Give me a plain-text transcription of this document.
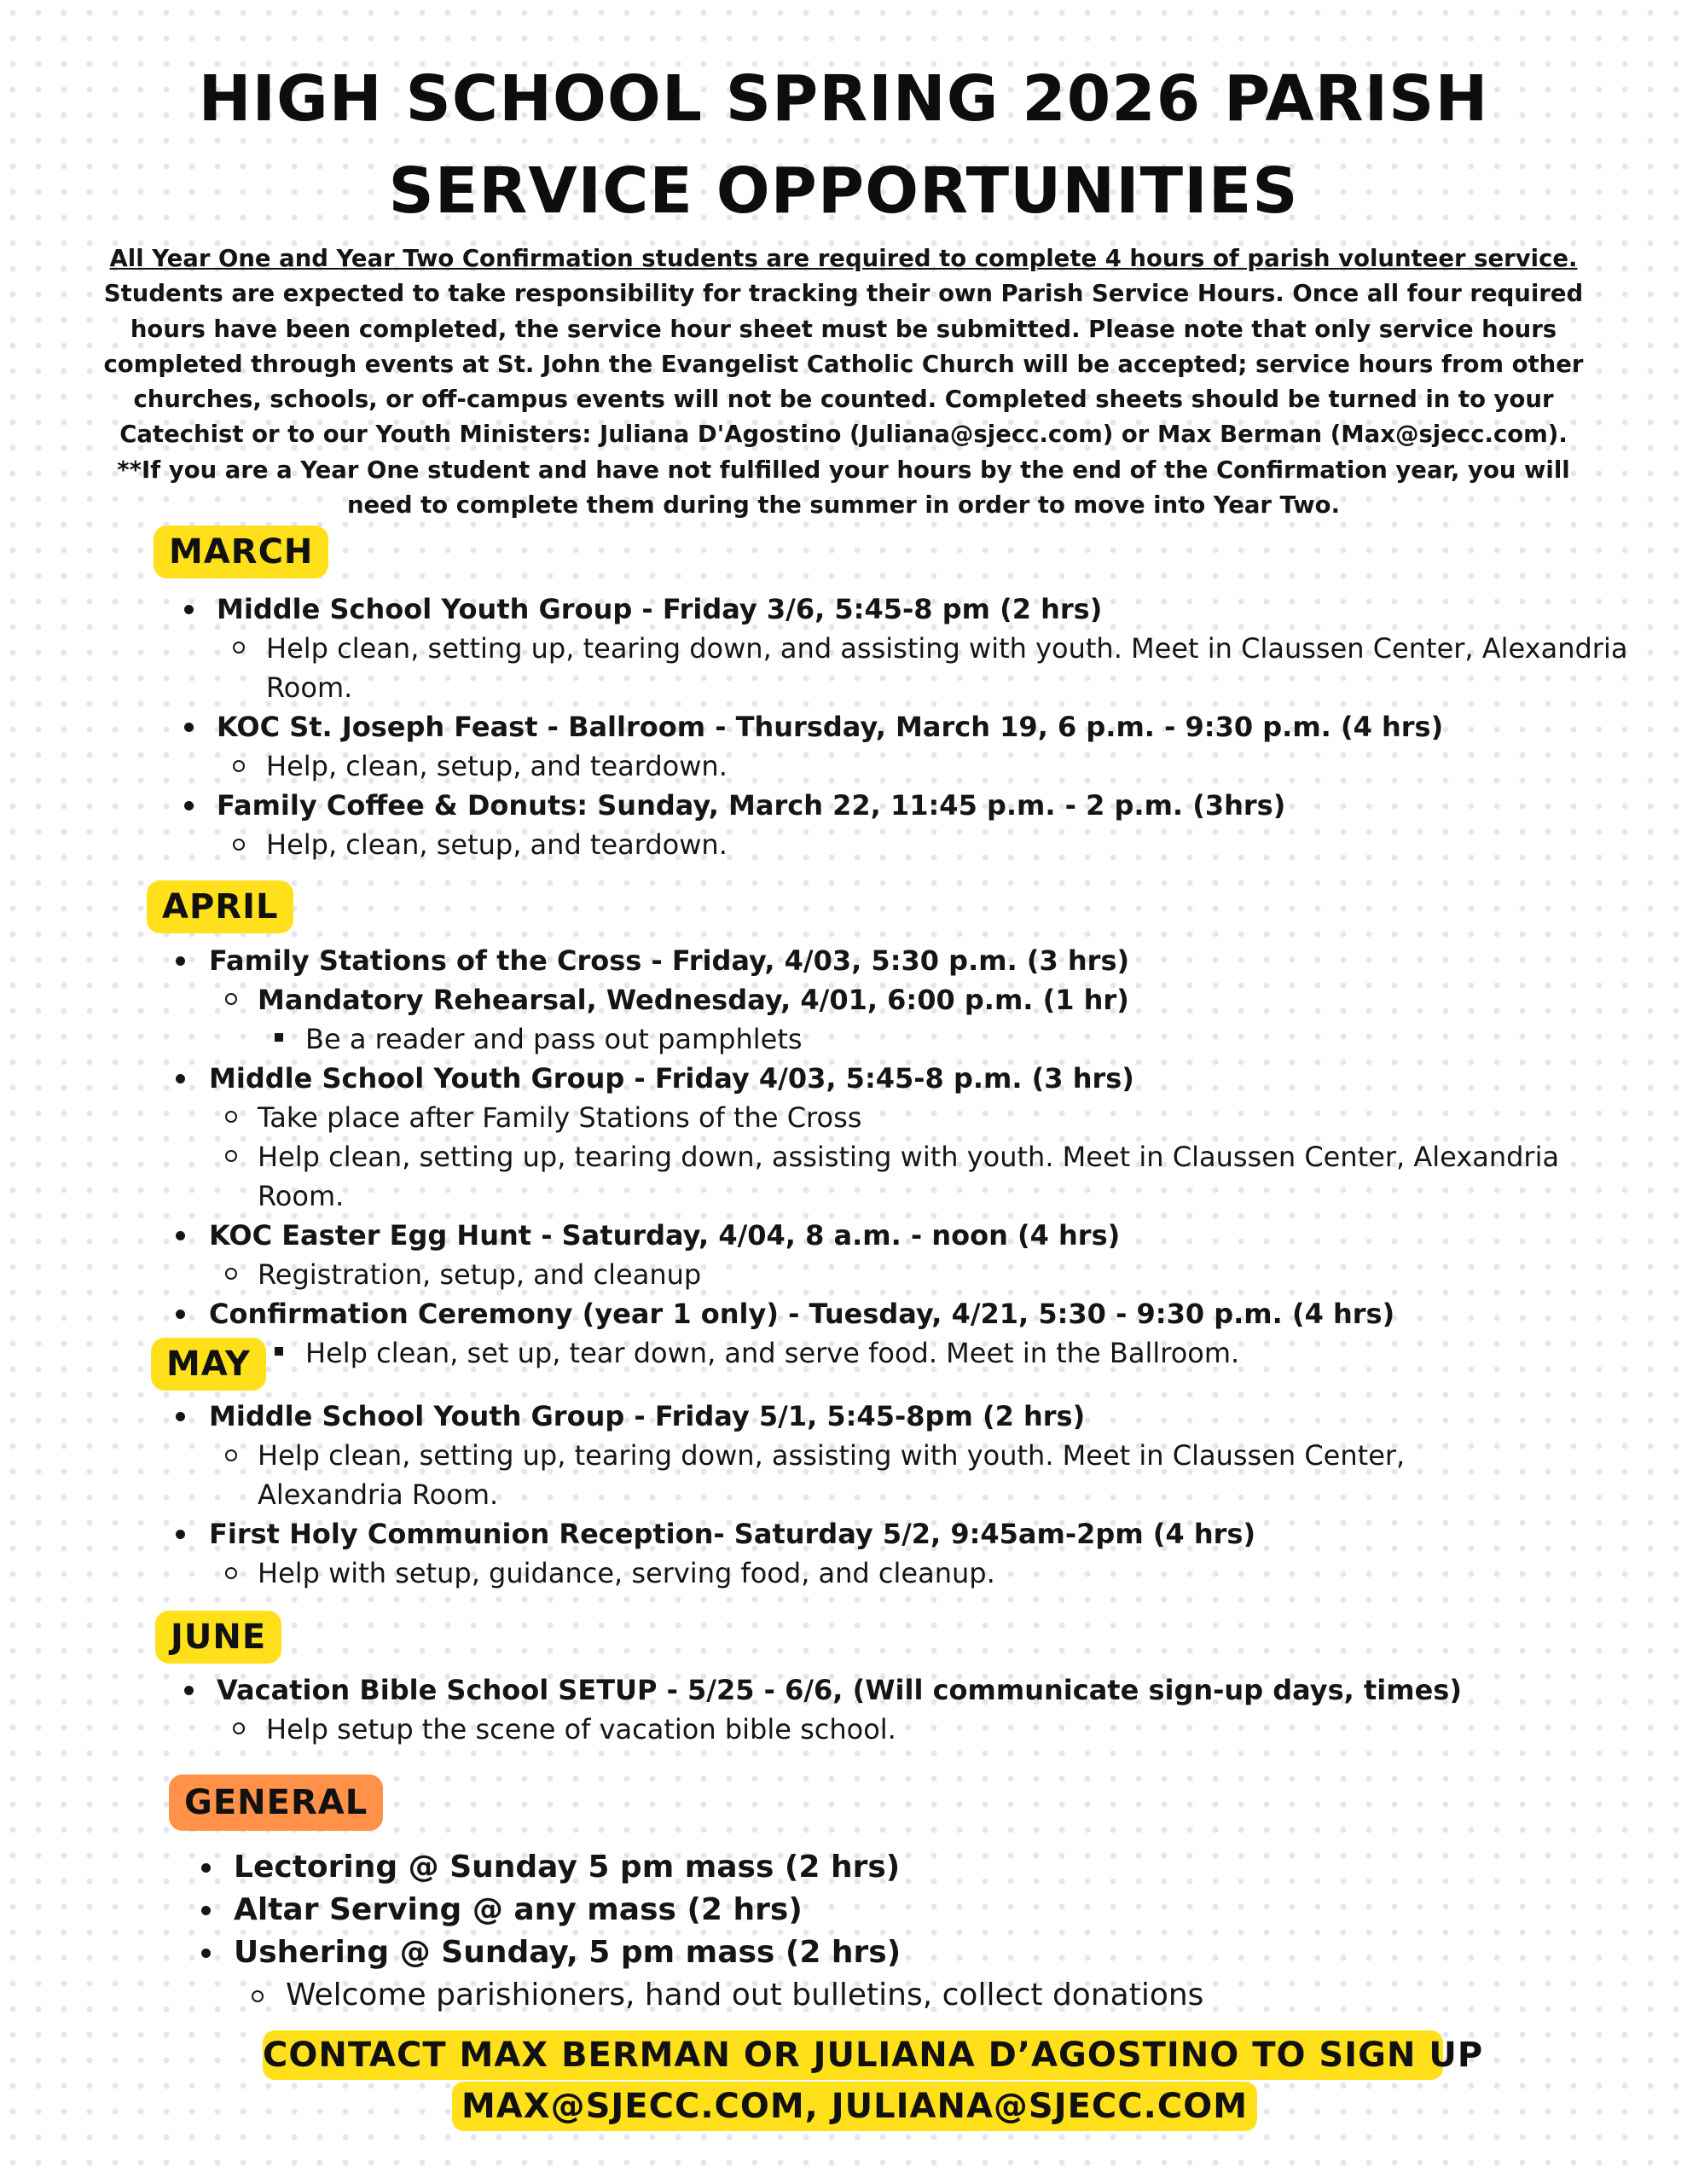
HIGH SCHOOL SPRING 2026 PARISH
SERVICE OPPORTUNITIES
All Year One and Year Two Confirmation students are required to complete 4 hours of parish volunteer service.
Students are expected to take responsibility for tracking their own Parish Service Hours. Once all four required hours have been completed, the service hour sheet must be submitted. Please note that only service hours completed through events at St. John the Evangelist Catholic Church will be accepted; service hours from other churches, schools, or off-campus events will not be counted. Completed sheets should be turned in to your Catechist or to our Youth Ministers: Juliana D'Agostino (Juliana@sjecc.com) or Max Berman (Max@sjecc.com).
**If you are a Year One student and have not fulfilled your hours by the end of the Confirmation year, you will need to complete them during the summer in order to move into Year Two.
MARCH
Middle School Youth Group - Friday 3/6, 5:45-8 pm (2 hrs)
Help clean, setting up, tearing down, and assisting with youth. Meet in Claussen Center, Alexandria Room.
KOC St. Joseph Feast - Ballroom - Thursday, March 19, 6 p.m. - 9:30 p.m. (4 hrs)
Help, clean, setup, and teardown.
Family Coffee & Donuts: Sunday, March 22, 11:45 p.m. - 2 p.m. (3hrs)
Help, clean, setup, and teardown.
APRIL
Family Stations of the Cross - Friday, 4/03, 5:30 p.m. (3 hrs)
Mandatory Rehearsal, Wednesday, 4/01, 6:00 p.m. (1 hr)
Be a reader and pass out pamphlets
Middle School Youth Group - Friday 4/03, 5:45-8 p.m. (3 hrs)
Take place after Family Stations of the Cross
Help clean, setting up, tearing down, assisting with youth. Meet in Claussen Center, Alexandria Room.
KOC Easter Egg Hunt - Saturday, 4/04, 8 a.m. - noon (4 hrs)
Registration, setup, and cleanup
Confirmation Ceremony (year 1 only) - Tuesday, 4/21, 5:30 - 9:30 p.m. (4 hrs)
Help clean, set up, tear down, and serve food. Meet in the Ballroom.
MAY
Middle School Youth Group - Friday 5/1, 5:45-8pm (2 hrs)
Help clean, setting up, tearing down, assisting with youth. Meet in Claussen Center, Alexandria Room.
First Holy Communion Reception- Saturday 5/2, 9:45am-2pm (4 hrs)
Help with setup, guidance, serving food, and cleanup.
JUNE
Vacation Bible School SETUP - 5/25 - 6/6, (Will communicate sign-up days, times)
Help setup the scene of vacation bible school.
GENERAL
Lectoring @ Sunday 5 pm mass (2 hrs)
Altar Serving @ any mass (2 hrs)
Ushering @ Sunday, 5 pm mass (2 hrs)
Welcome parishioners, hand out bulletins, collect donations
CONTACT MAX BERMAN OR JULIANA D’AGOSTINO TO SIGN UP
MAX@SJECC.COM, JULIANA@SJECC.COM
